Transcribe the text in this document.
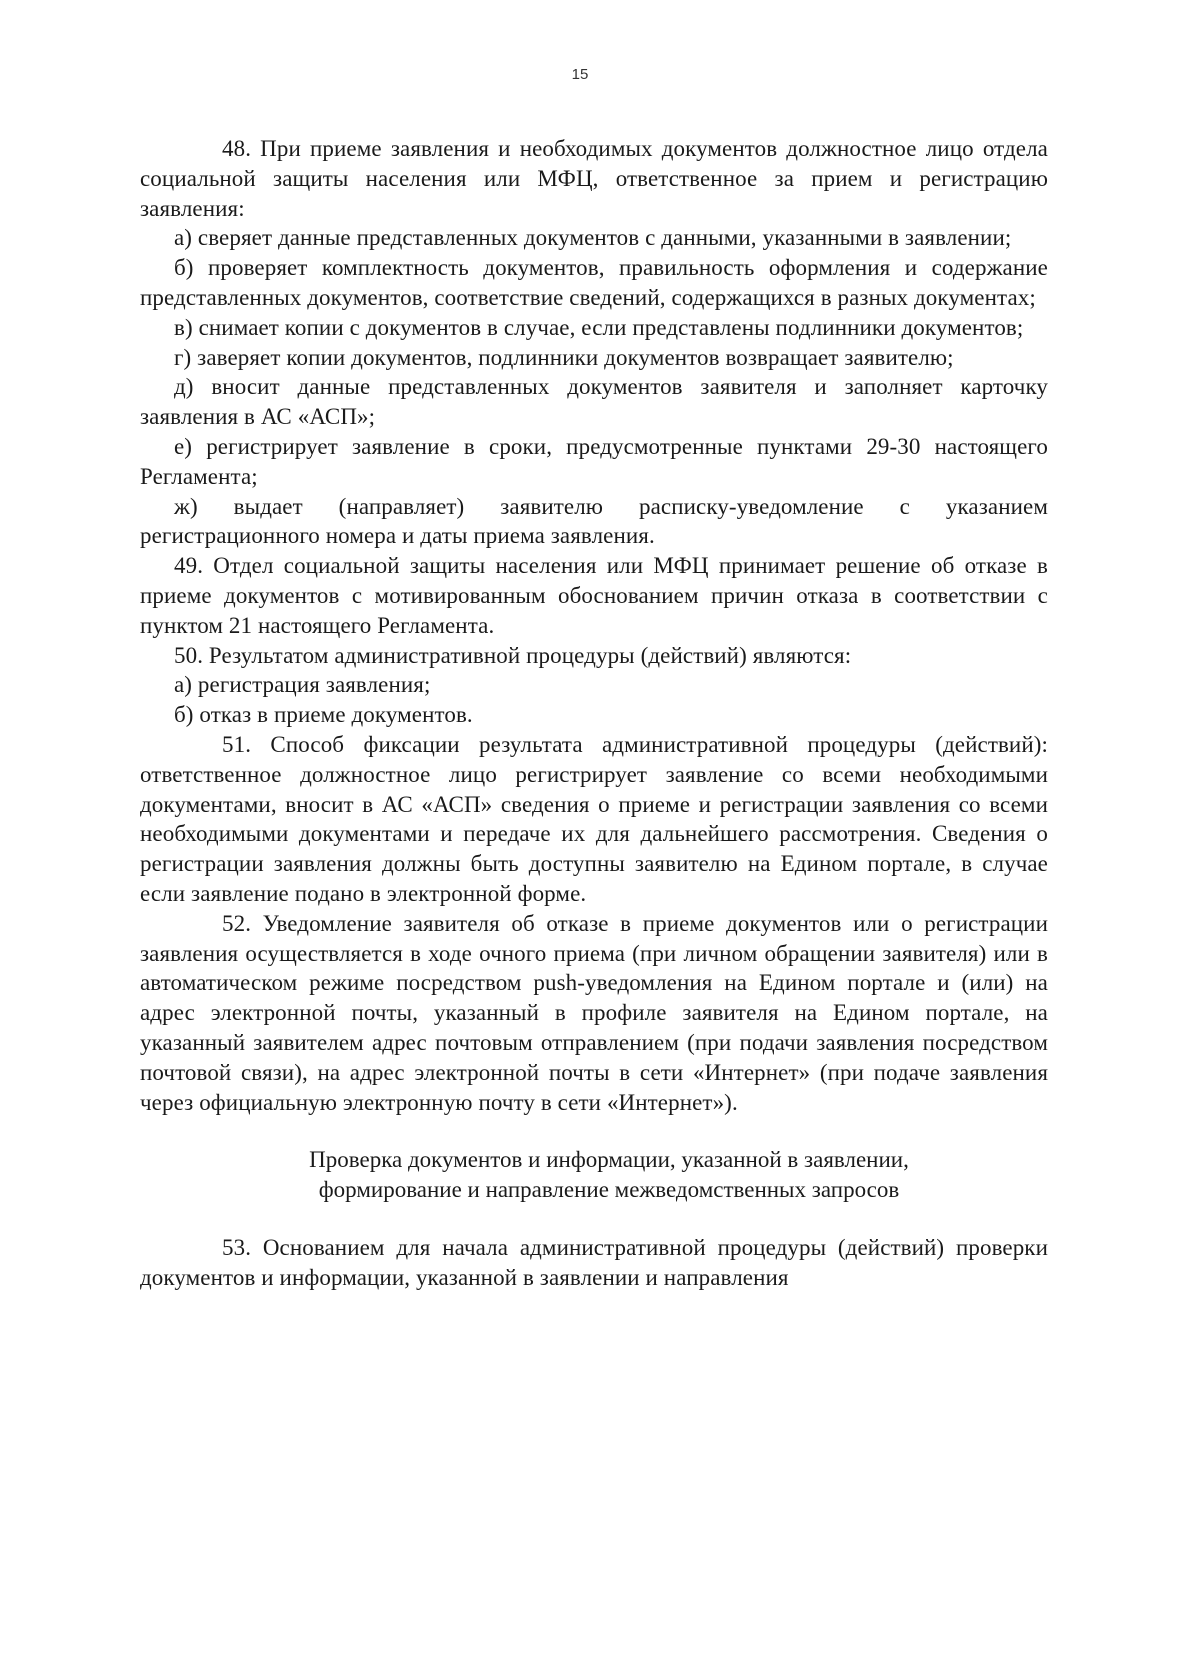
15

48. При приеме заявления и необходимых документов должностное лицо отдела социальной защиты населения или МФЦ, ответственное за прием и регистрацию заявления:

а) сверяет данные представленных документов с данными, указанными в заявлении;

б) проверяет комплектность документов, правильность оформления и содержание представленных документов, соответствие сведений, содержащихся в разных документах;

в) снимает копии с документов в случае, если представлены подлинники документов;

г) заверяет копии документов, подлинники документов возвращает заявителю;

д) вносит данные представленных документов заявителя и заполняет карточку заявления в АС «АСП»;

е) регистрирует заявление в сроки, предусмотренные пунктами 29-30 настоящего Регламента;

ж) выдает (направляет) заявителю расписку-уведомление с указанием регистрационного номера и даты приема заявления.

49. Отдел социальной защиты населения или МФЦ принимает решение об отказе в приеме документов с мотивированным обоснованием причин отказа в соответствии с пунктом 21 настоящего Регламента.

50. Результатом административной процедуры (действий) являются:

а) регистрация заявления;

б) отказ в приеме документов.

51. Способ фиксации результата административной процедуры (действий): ответственное должностное лицо регистрирует заявление со всеми необходимыми документами, вносит в АС «АСП» сведения о приеме и регистрации заявления со всеми необходимыми документами и передаче их для дальнейшего рассмотрения. Сведения о регистрации заявления должны быть доступны заявителю на Едином портале, в случае если заявление подано в электронной форме.

52. Уведомление заявителя об отказе в приеме документов или о регистрации заявления осуществляется в ходе очного приема (при личном обращении заявителя) или в автоматическом режиме посредством push-уведомления на Едином портале и (или) на адрес электронной почты, указанный в профиле заявителя на Едином портале, на указанный заявителем адрес почтовым отправлением (при подачи заявления посредством почтовой связи), на адрес электронной почты в сети «Интернет» (при подаче заявления через официальную электронную почту в сети «Интернет»).

Проверка документов и информации, указанной в заявлении,
формирование и направление межведомственных запросов

53. Основанием для начала административной процедуры (действий) проверки документов и информации, указанной в заявлении и направления
